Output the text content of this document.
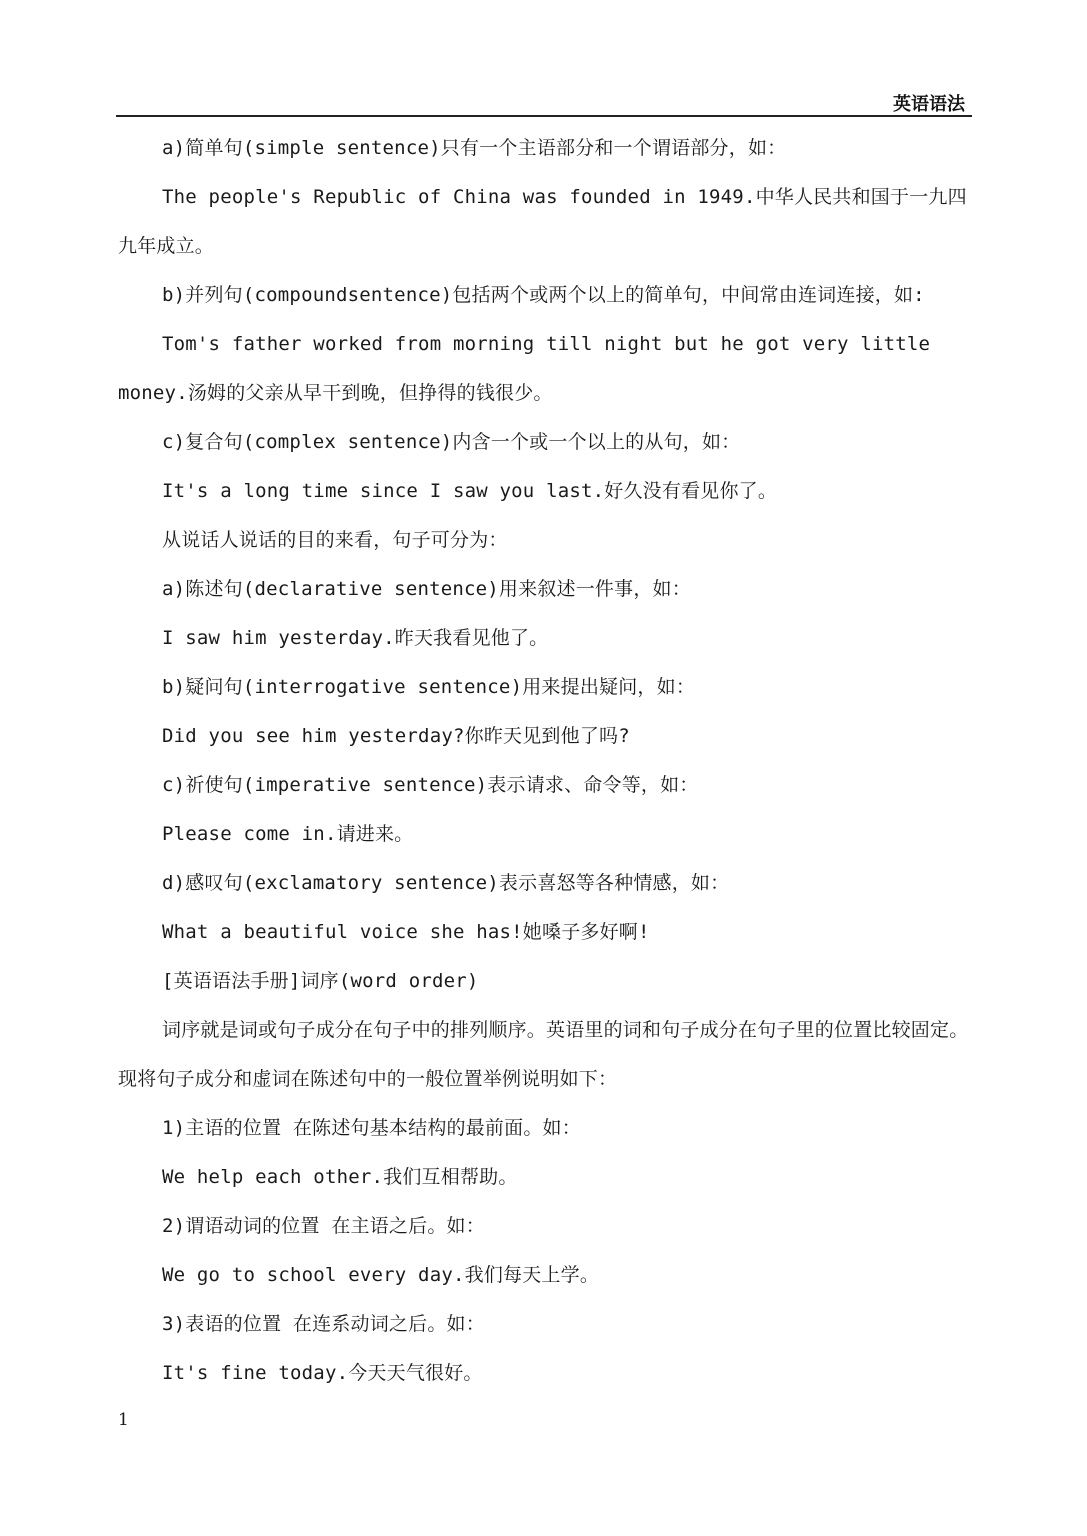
英语语法

a)简单句(simple sentence)只有一个主语部分和一个谓语部分，如：

The people's Republic of China was founded in 1949.中华人民共和国于一九四九年成立。

b)并列句(compoundsentence)包括两个或两个以上的简单句，中间常由连词连接，如:

Tom's father worked from morning till night but he got very little money.汤姆的父亲从早干到晚，但挣得的钱很少。

c)复合句(complex sentence)内含一个或一个以上的从句，如：

It's a long time since I saw you last.好久没有看见你了。

从说话人说话的目的来看，句子可分为：

a)陈述句(declarative sentence)用来叙述一件事，如：

I saw him yesterday.昨天我看见他了。

b)疑问句(interrogative sentence)用来提出疑问，如：

Did you see him yesterday?你昨天见到他了吗?

c)祈使句(imperative sentence)表示请求、命令等，如：

Please come in.请进来。

d)感叹句(exclamatory sentence)表示喜怒等各种情感，如：

What a beautiful voice she has!她嗓子多好啊!

[英语语法手册]词序(word order)

词序就是词或句子成分在句子中的排列顺序。英语里的词和句子成分在句子里的位置比较固定。现将句子成分和虚词在陈述句中的一般位置举例说明如下：

1)主语的位置 在陈述句基本结构的最前面。如：

We help each other.我们互相帮助。

2)谓语动词的位置 在主语之后。如：

We go to school every day.我们每天上学。

3)表语的位置 在连系动词之后。如：

It's fine today.今天天气很好。

1
